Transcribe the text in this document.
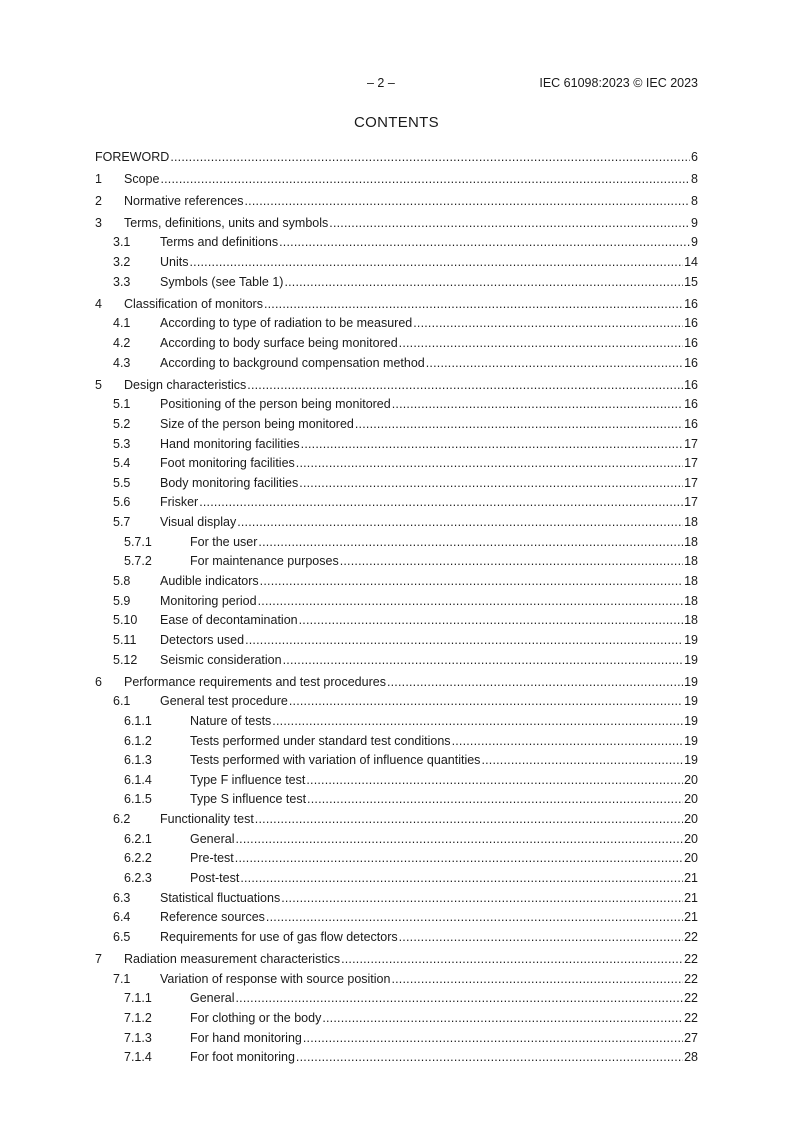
– 2 –	IEC 61098:2023 © IEC 2023
CONTENTS
FOREWORD .....	6
1	Scope .....	8
2	Normative references .....	8
3	Terms, definitions, units and symbols .....	9
3.1	Terms and definitions .....	9
3.2	Units .....	14
3.3	Symbols (see Table 1) .....	15
4	Classification of monitors .....	16
4.1	According to type of radiation to be measured .....	16
4.2	According to body surface being monitored .....	16
4.3	According to background compensation method .....	16
5	Design characteristics .....	16
5.1	Positioning of the person being monitored .....	16
5.2	Size of the person being monitored .....	16
5.3	Hand monitoring facilities .....	17
5.4	Foot monitoring facilities .....	17
5.5	Body monitoring facilities .....	17
5.6	Frisker .....	17
5.7	Visual display .....	18
5.7.1	For the user .....	18
5.7.2	For maintenance purposes .....	18
5.8	Audible indicators .....	18
5.9	Monitoring period .....	18
5.10	Ease of decontamination .....	18
5.11	Detectors used .....	19
5.12	Seismic consideration .....	19
6	Performance requirements and test procedures .....	19
6.1	General test procedure .....	19
6.1.1	Nature of tests .....	19
6.1.2	Tests performed under standard test conditions .....	19
6.1.3	Tests performed with variation of influence quantities .....	19
6.1.4	Type F influence test .....	20
6.1.5	Type S influence test .....	20
6.2	Functionality test .....	20
6.2.1	General .....	20
6.2.2	Pre-test .....	20
6.2.3	Post-test .....	21
6.3	Statistical fluctuations .....	21
6.4	Reference sources .....	21
6.5	Requirements for use of gas flow detectors .....	22
7	Radiation measurement characteristics .....	22
7.1	Variation of response with source position .....	22
7.1.1	General .....	22
7.1.2	For clothing or the body .....	22
7.1.3	For hand monitoring .....	27
7.1.4	For foot monitoring .....	28
